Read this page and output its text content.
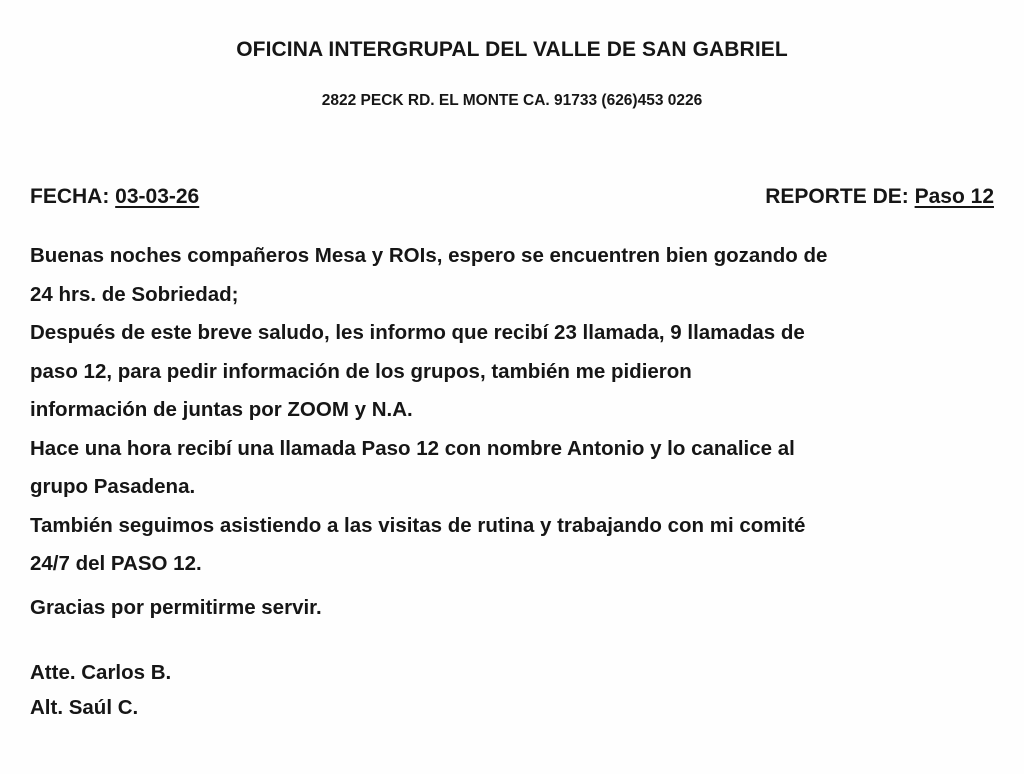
OFICINA INTERGRUPAL DEL VALLE DE SAN GABRIEL
2822 PECK RD. EL MONTE CA. 91733 (626)453 0226
FECHA: 03-03-26	REPORTE DE: Paso 12
Buenas noches compañeros Mesa y ROIs, espero se encuentren bien gozando de
24 hrs. de Sobriedad;
Después de este breve saludo, les informo que recibí 23 llamada, 9 llamadas de
paso 12, para pedir información de los grupos, también me pidieron
información de juntas por ZOOM y N.A.
Hace una hora recibí una llamada Paso 12 con nombre Antonio y lo canalice al
grupo Pasadena.
También seguimos asistiendo a las visitas de rutina y trabajando con mi comité
24/7 del PASO 12.
Gracias por permitirme servir.
Atte. Carlos B.
Alt. Saúl C.
